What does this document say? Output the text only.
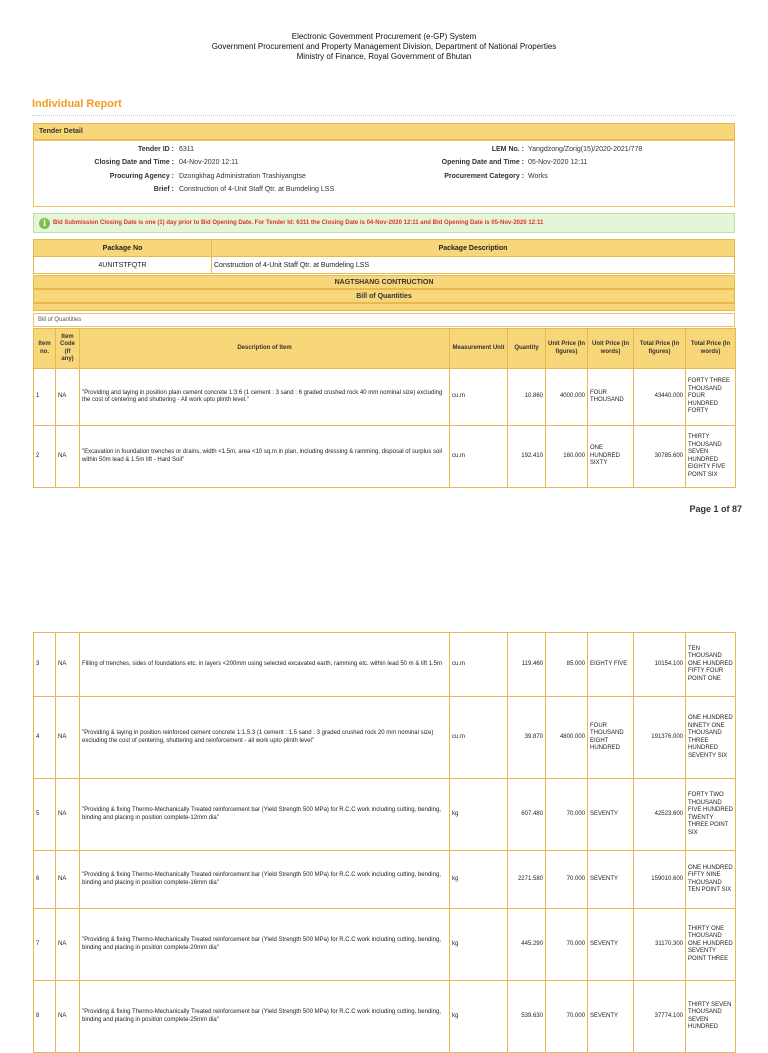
Electronic Government Procurement (e-GP) System
Government Procurement and Property Management Division, Department of National Properties
Ministry of Finance, Royal Government of Bhutan
Individual Report
Tender Detail
Tender ID : 6311	LEM No. : Yangdzong/Zorig(15)/2020-2021/778
Closing Date and Time : 04-Nov-2020 12:11	Opening Date and Time : 05-Nov-2020 12:11
Procuring Agency : Dzongkhag Administration Trashiyangtse	Procurement Category : Works
Brief : Construction of 4-Unit Staff Qtr. at Bumdeling LSS
i	Bid Submission Closing Date is one (1) day prior to Bid Opening Date. For Tender Id: 6311 the Closing Date is 04-Nov-2020 12:11 and Bid Opening Date is 05-Nov-2020 12:11
Package No	Package Description
4UNITSTFQTR	Construction of 4-Unit Staff Qtr. at Bumdeling LSS
NAGTSHANG CONTRUCTION
Bill of Quantities
Bill of Quantities
Item no.	Item Code (If any)	Description of Item	Measurement Unit	Quantity	Unit Price (In figures)	Unit Price (In words)	Total Price (In figures)	Total Price (In words)
1	NA	"Providing and laying in position plain cement concrete 1:3:6 (1 cement : 3 sand : 6 graded crushed rock 40 mm nominal size) excluding the cost of centering and shuttering - All work upto plinth level."	cu.m	10.860	4000.000	FOUR THOUSAND	43440.000	FORTY THREE THOUSAND FOUR HUNDRED FORTY
2	NA	"Excavation in foundation trenches or drains, width <1.5m, area <10 sq.m in plan, including dressing & ramming, disposal of surplus soil within 50m lead & 1.5m lift - Hard Soil"	cu.m	192.410	160.000	ONE HUNDRED SIXTY	30785.600	THIRTY THOUSAND SEVEN HUNDRED EIGHTY FIVE POINT SIX
Page 1 of 87
3	NA	Filling of trenches, sides of foundations etc. in layers <200mm using selected excavated earth, ramming etc. within lead 50 m & lift 1.5m	cu.m	119.460	85.000	EIGHTY FIVE	10154.100	TEN THOUSAND ONE HUNDRED FIFTY FOUR POINT ONE
4	NA	"Providing & laying in position reinforced cement concrete 1:1.5:3 (1 cement : 1.5 sand : 3 graded crushed rock 20 mm nominal size) excluding the cost of centering, shuttering and reinforcement - all work upto plinth level"	cu.m	39.870	4800.000	FOUR THOUSAND EIGHT HUNDRED	191376.000	ONE HUNDRED NINETY ONE THOUSAND THREE HUNDRED SEVENTY SIX
5	NA	"Providing & fixing Thermo-Mechanically Treated reinforcement bar (Yield Strength 500 MPa) for R.C.C work including cutting, bending, binding and placing in position complete-12mm dia"	kg	607.480	70.000	SEVENTY	42523.600	FORTY TWO THOUSAND FIVE HUNDRED TWENTY THREE POINT SIX
6	NA	"Providing & fixing Thermo-Mechanically Treated reinforcement bar (Yield Strength 500 MPa) for R.C.C work including cutting, bending, binding and placing in position complete-16mm dia"	kg	2271.580	70.000	SEVENTY	159010.600	ONE HUNDRED FIFTY NINE THOUSAND TEN POINT SIX
7	NA	"Providing & fixing Thermo-Mechanically Treated reinforcement bar (Yield Strength 500 MPa) for R.C.C work including cutting, bending, binding and placing in position complete-20mm dia"	kg	445.290	70.000	SEVENTY	31170.300	THIRTY ONE THOUSAND ONE HUNDRED SEVENTY POINT THREE
8	NA	"Providing & fixing Thermo-Mechanically Treated reinforcement bar (Yield Strength 500 MPa) for R.C.C work including cutting, bending, binding and placing in position complete-25mm dia"	kg	539.630	70.000	SEVENTY	37774.100	THIRTY SEVEN THOUSAND SEVEN HUNDRED
